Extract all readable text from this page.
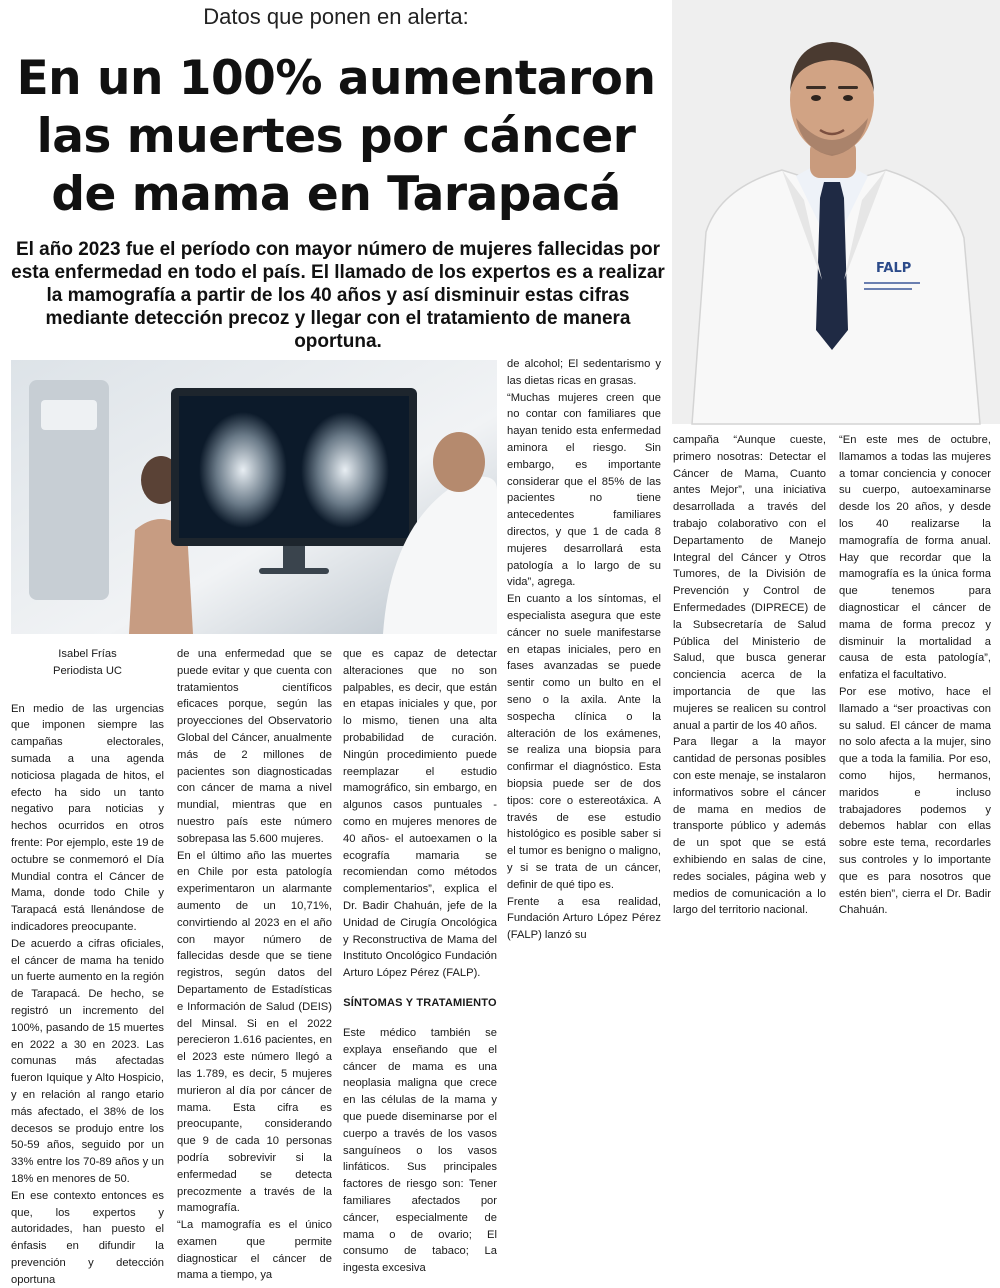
Datos que ponen en alerta:
En un 100% aumentaron
las muertes por cáncer
de mama en Tarapacá

El año 2023 fue el período con mayor número de mujeres fallecidas por esta enfermedad en todo el país. El llamado de los expertos es a realizar la mamografía a partir de los 40 años y así disminuir estas cifras mediante detección precoz y llegar con el tratamiento de manera oportuna.

FALP
Isabel Frías
Periodista UC

En medio de las urgencias que imponen siempre las campañas electorales, sumada a una agenda noticiosa plagada de hitos, el efecto ha sido un tanto negativo para noticias y hechos ocurridos en otros frente: Por ejemplo, este 19 de octubre se conmemoró el Día Mundial contra el Cáncer de Mama, donde todo Chile y Tarapacá está llenándose de indicadores preocupante.

De acuerdo a cifras oficiales, el cáncer de mama ha tenido un fuerte aumento en la región de Tarapacá. De hecho, se registró un incremento del 100%, pasando de 15 muertes en 2022 a 30 en 2023. Las comunas más afectadas fueron Iquique y Alto Hospicio, y en relación al rango etario más afectado, el 38% de los decesos se produjo entre los 50-59 años, seguido por un 33% entre los 70-89 años y un 18% en menores de 50.

En ese contexto entonces es que, los expertos y autoridades, han puesto el énfasis en difundir la prevención y detección oportuna

de una enfermedad que se puede evitar y que cuenta con tratamientos científicos eficaces porque, según las proyecciones del Observatorio Global del Cáncer, anualmente más de 2 millones de pacientes son diagnosticadas con cáncer de mama a nivel mundial, mientras que en nuestro país este número sobrepasa las 5.600 mujeres.

En el último año las muertes en Chile por esta patología experimentaron un alarmante aumento de un 10,71%, convirtiendo al 2023 en el año con mayor número de fallecidas desde que se tiene registros, según datos del Departamento de Estadísticas e Información de Salud (DEIS) del Minsal. Si en el 2022 perecieron 1.616 pacientes, en el 2023 este número llegó a las 1.789, es decir, 5 mujeres murieron al día por cáncer de mama. Esta cifra es preocupante, considerando que 9 de cada 10 personas podría sobrevivir si la enfermedad se detecta precozmente a través de la mamografía.

“La mamografía es el único examen que permite diagnosticar el cáncer de mama a tiempo, ya

que es capaz de detectar alteraciones que no son palpables, es decir, que están en etapas iniciales y que, por lo mismo, tienen una alta probabilidad de curación. Ningún procedimiento puede reemplazar el estudio mamográfico, sin embargo, en algunos casos puntuales -como en mujeres menores de 40 años- el autoexamen o la ecografía mamaria se recomiendan como métodos complementarios”, explica el Dr. Badir Chahuán, jefe de la Unidad de Cirugía Oncológica y Reconstructiva de Mama del Instituto Oncológico Fundación Arturo López Pérez (FALP).

SÍNTOMAS Y TRATAMIENTO

Este médico también se explaya enseñando que el cáncer de mama es una neoplasia maligna que crece en las células de la mama y que puede diseminarse por el cuerpo a través de los vasos sanguíneos o los vasos linfáticos. Sus principales factores de riesgo son: Tener familiares afectados por cáncer, especialmente de mama o de ovario; El consumo de tabaco; La ingesta excesiva

de alcohol; El sedentarismo y las dietas ricas en grasas.

“Muchas mujeres creen que no contar con familiares que hayan tenido esta enfermedad aminora el riesgo. Sin embargo, es importante considerar que el 85% de las pacientes no tiene antecedentes familiares directos, y que 1 de cada 8 mujeres desarrollará esta patología a lo largo de su vida”, agrega.

En cuanto a los síntomas, el especialista asegura que este cáncer no suele manifestarse en etapas iniciales, pero en fases avanzadas se puede sentir como un bulto en el seno o la axila. Ante la sospecha clínica o la alteración de los exámenes, se realiza una biopsia para confirmar el diagnóstico. Esta biopsia puede ser de dos tipos: core o estereotáxica. A través de ese estudio histológico es posible saber si el tumor es benigno o maligno, y si se trata de un cáncer, definir de qué tipo es.

Frente a esa realidad, Fundación Arturo López Pérez (FALP) lanzó su

campaña “Aunque cueste, primero nosotras: Detectar el Cáncer de Mama, Cuanto antes Mejor”, una iniciativa desarrollada a través del trabajo colaborativo con el Departamento de Manejo Integral del Cáncer y Otros Tumores, de la División de Prevención y Control de Enfermedades (DIPRECE) de la Subsecretaría de Salud Pública del Ministerio de Salud, que busca generar conciencia acerca de la importancia de que las mujeres se realicen su control anual a partir de los 40 años.

Para llegar a la mayor cantidad de personas posibles con este menaje, se instalaron informativos sobre el cáncer de mama en medios de transporte público y además de un spot que se está exhibiendo en salas de cine, redes sociales, página web y medios de comunicación a lo largo del territorio nacional.

“En este mes de octubre, llamamos a todas las mujeres a tomar conciencia y conocer su cuerpo, autoexaminarse desde los 20 años, y desde los 40 realizarse la mamografía de forma anual. Hay que recordar que la mamografía es la única forma que tenemos para diagnosticar el cáncer de mama de forma precoz y disminuir la mortalidad a causa de esta patología”, enfatiza el facultativo.

Por ese motivo, hace el llamado a “ser proactivas con su salud. El cáncer de mama no solo afecta a la mujer, sino que a toda la familia. Por eso, como hijos, hermanos, maridos e incluso trabajadores podemos y debemos hablar con ellas sobre este tema, recordarles sus controles y lo importante que es para nosotros que estén bien”, cierra el Dr. Badir Chahuán.
